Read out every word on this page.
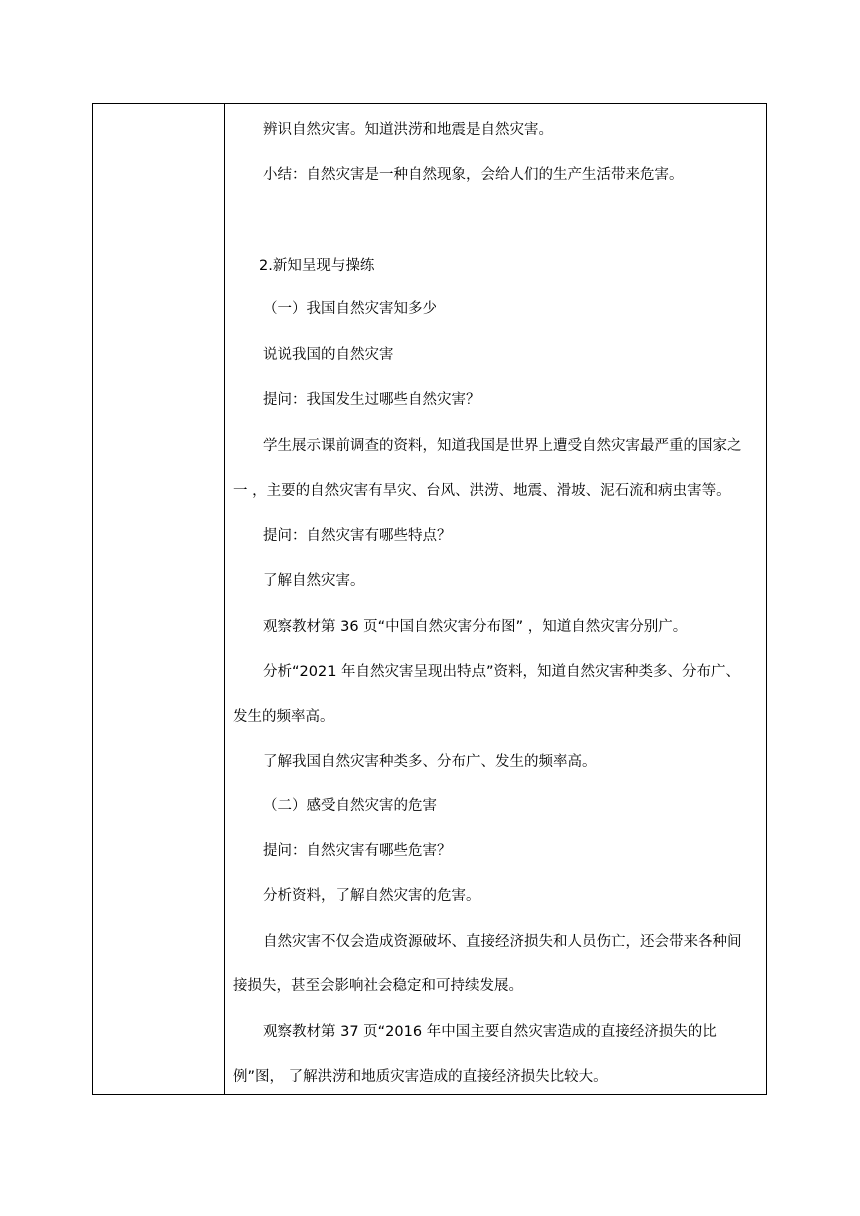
辨识自然灾害。知道洪涝和地震是自然灾害。
小结：自然灾害是一种自然现象，会给人们的生产生活带来危害。
2.新知呈现与操练
（一）我国自然灾害知多少
说说我国的自然灾害
提问：我国发生过哪些自然灾害？
学生展示课前调查的资料，知道我国是世界上遭受自然灾害最严重的国家之
一 ，主要的自然灾害有旱灾、台风、洪涝、地震、滑坡、泥石流和病虫害等。
提问：自然灾害有哪些特点？
了解自然灾害。
观察教材第 36 页“中国自然灾害分布图” ，知道自然灾害分别广。
分析“2021 年自然灾害呈现出特点”资料，知道自然灾害种类多、分布广、
发生的频率高。
了解我国自然灾害种类多、分布广、发生的频率高。
（二）感受自然灾害的危害
提问：自然灾害有哪些危害？
分析资料，了解自然灾害的危害。
自然灾害不仅会造成资源破坏、直接经济损失和人员伤亡，还会带来各种间
接损失，甚至会影响社会稳定和可持续发展。
观察教材第 37 页“2016 年中国主要自然灾害造成的直接经济损失的比
例”图， 了解洪涝和地质灾害造成的直接经济损失比较大。
